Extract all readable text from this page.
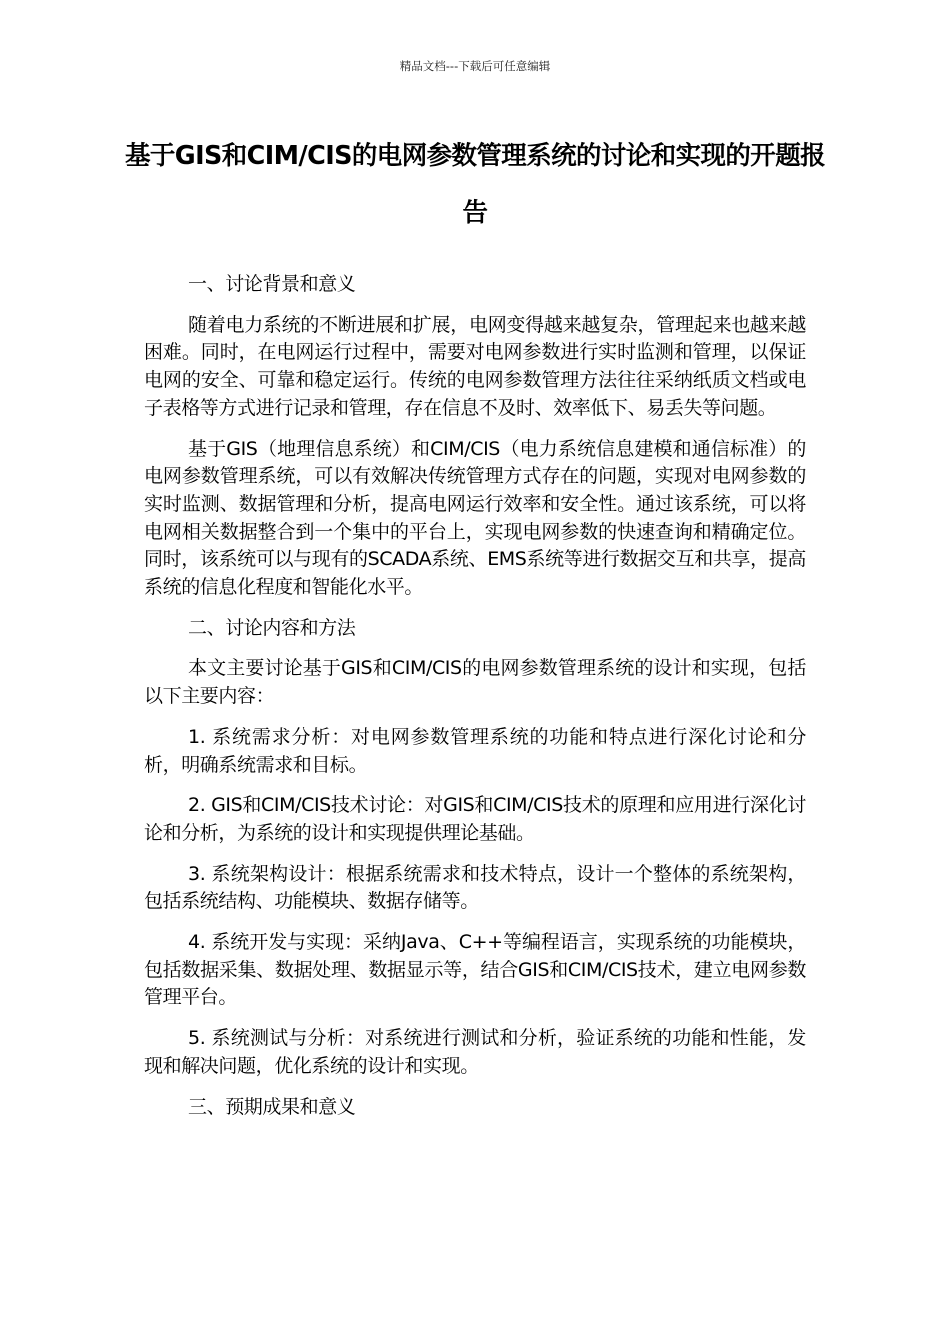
精品文档---下载后可任意编辑
基于GIS和CIM/CIS的电网参数管理系统的讨论和实现的开题报告
一、讨论背景和意义

随着电力系统的不断进展和扩展，电网变得越来越复杂，管理起来也越来越困难。同时，在电网运行过程中，需要对电网参数进行实时监测和管理，以保证电网的安全、可靠和稳定运行。传统的电网参数管理方法往往采纳纸质文档或电子表格等方式进行记录和管理，存在信息不及时、效率低下、易丢失等问题。

基于GIS（地理信息系统）和CIM/CIS（电力系统信息建模和通信标准）的电网参数管理系统，可以有效解决传统管理方式存在的问题，实现对电网参数的实时监测、数据管理和分析，提高电网运行效率和安全性。通过该系统，可以将电网相关数据整合到一个集中的平台上，实现电网参数的快速查询和精确定位。同时，该系统可以与现有的SCADA系统、EMS系统等进行数据交互和共享，提高系统的信息化程度和智能化水平。

二、讨论内容和方法

本文主要讨论基于GIS和CIM/CIS的电网参数管理系统的设计和实现，包括以下主要内容：

1. 系统需求分析：对电网参数管理系统的功能和特点进行深化讨论和分析，明确系统需求和目标。

2. GIS和CIM/CIS技术讨论：对GIS和CIM/CIS技术的原理和应用进行深化讨论和分析，为系统的设计和实现提供理论基础。

3. 系统架构设计：根据系统需求和技术特点，设计一个整体的系统架构，包括系统结构、功能模块、数据存储等。

4. 系统开发与实现：采纳Java、C++等编程语言，实现系统的功能模块，包括数据采集、数据处理、数据显示等，结合GIS和CIM/CIS技术，建立电网参数管理平台。

5. 系统测试与分析：对系统进行测试和分析，验证系统的功能和性能，发现和解决问题，优化系统的设计和实现。

三、预期成果和意义
